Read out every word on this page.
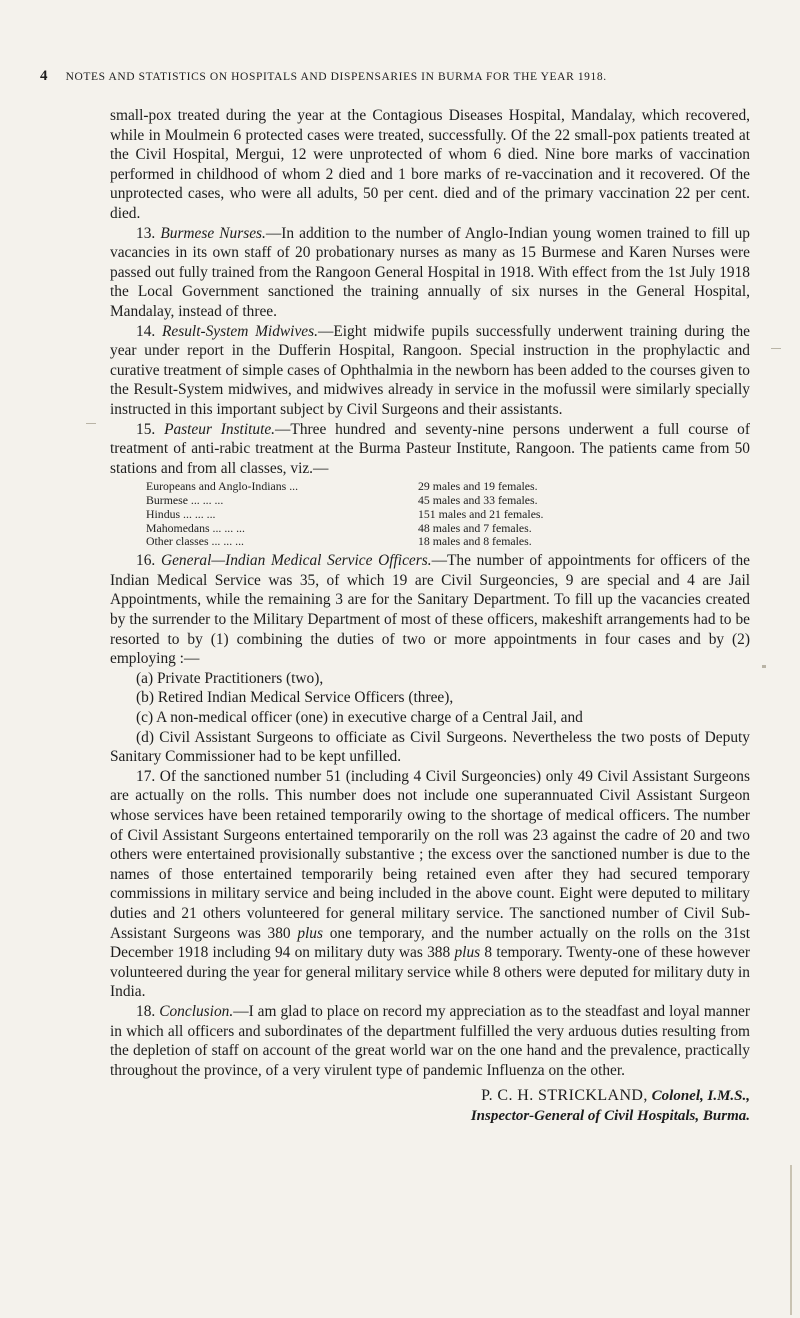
4 NOTES AND STATISTICS ON HOSPITALS AND DISPENSARIES IN BURMA FOR THE YEAR 1918.

small-pox treated during the year at the Contagious Diseases Hospital, Mandalay, which recovered, while in Moulmein 6 protected cases were treated, successfully. Of the 22 small-pox patients treated at the Civil Hospital, Mergui, 12 were unprotected of whom 6 died. Nine bore marks of vaccination performed in childhood of whom 2 died and 1 bore marks of re-vaccination and it recovered. Of the unprotected cases, who were all adults, 50 per cent. died and of the primary vaccination 22 per cent. died.

13. Burmese Nurses.—In addition to the number of Anglo-Indian young women trained to fill up vacancies in its own staff of 20 probationary nurses as many as 15 Burmese and Karen Nurses were passed out fully trained from the Rangoon General Hospital in 1918. With effect from the 1st July 1918 the Local Government sanctioned the training annually of six nurses in the General Hospital, Mandalay, instead of three.

14. Result-System Midwives.—Eight midwife pupils successfully underwent training during the year under report in the Dufferin Hospital, Rangoon. Special instruction in the prophylactic and curative treatment of simple cases of Ophthalmia in the newborn has been added to the courses given to the Result-System midwives, and midwives already in service in the mofussil were similarly specially instructed in this important subject by Civil Surgeons and their assistants.

15. Pasteur Institute.—Three hundred and seventy-nine persons underwent a full course of treatment of anti-rabic treatment at the Burma Pasteur Institute, Rangoon. The patients came from 50 stations and from all classes, viz.—

Europeans and Anglo-Indians ...	29 males and 19 females.
Burmese ... ... ...	45 males and 33 females.
Hindus ... ... ...	151 males and 21 females.
Mahomedans ... ... ...	48 males and 7 females.
Other classes ... ... ...	18 males and 8 females.

16. General—Indian Medical Service Officers.—The number of appointments for officers of the Indian Medical Service was 35, of which 19 are Civil Surgeoncies, 9 are special and 4 are Jail Appointments, while the remaining 3 are for the Sanitary Department. To fill up the vacancies created by the surrender to the Military Department of most of these officers, makeshift arrangements had to be resorted to by (1) combining the duties of two or more appointments in four cases and by (2) employing :—

(a) Private Practitioners (two),

(b) Retired Indian Medical Service Officers (three),

(c) A non-medical officer (one) in executive charge of a Central Jail, and

(d) Civil Assistant Surgeons to officiate as Civil Surgeons. Nevertheless the two posts of Deputy Sanitary Commissioner had to be kept unfilled.

17. Of the sanctioned number 51 (including 4 Civil Surgeoncies) only 49 Civil Assistant Surgeons are actually on the rolls. This number does not include one superannuated Civil Assistant Surgeon whose services have been retained temporarily owing to the shortage of medical officers. The number of Civil Assistant Surgeons entertained temporarily on the roll was 23 against the cadre of 20 and two others were entertained provisionally substantive ; the excess over the sanctioned number is due to the names of those entertained temporarily being retained even after they had secured temporary commissions in military service and being included in the above count. Eight were deputed to military duties and 21 others volunteered for general military service. The sanctioned number of Civil Sub-Assistant Surgeons was 380 plus one temporary, and the number actually on the rolls on the 31st December 1918 including 94 on military duty was 388 plus 8 temporary. Twenty-one of these however volunteered during the year for general military service while 8 others were deputed for military duty in India.

18. Conclusion.—I am glad to place on record my appreciation as to the steadfast and loyal manner in which all officers and subordinates of the department fulfilled the very arduous duties resulting from the depletion of staff on account of the great world war on the one hand and the prevalence, practically throughout the province, of a very virulent type of pandemic Influenza on the other.

P. C. H. STRICKLAND, Colonel, I.M.S.,
Inspector-General of Civil Hospitals, Burma.
